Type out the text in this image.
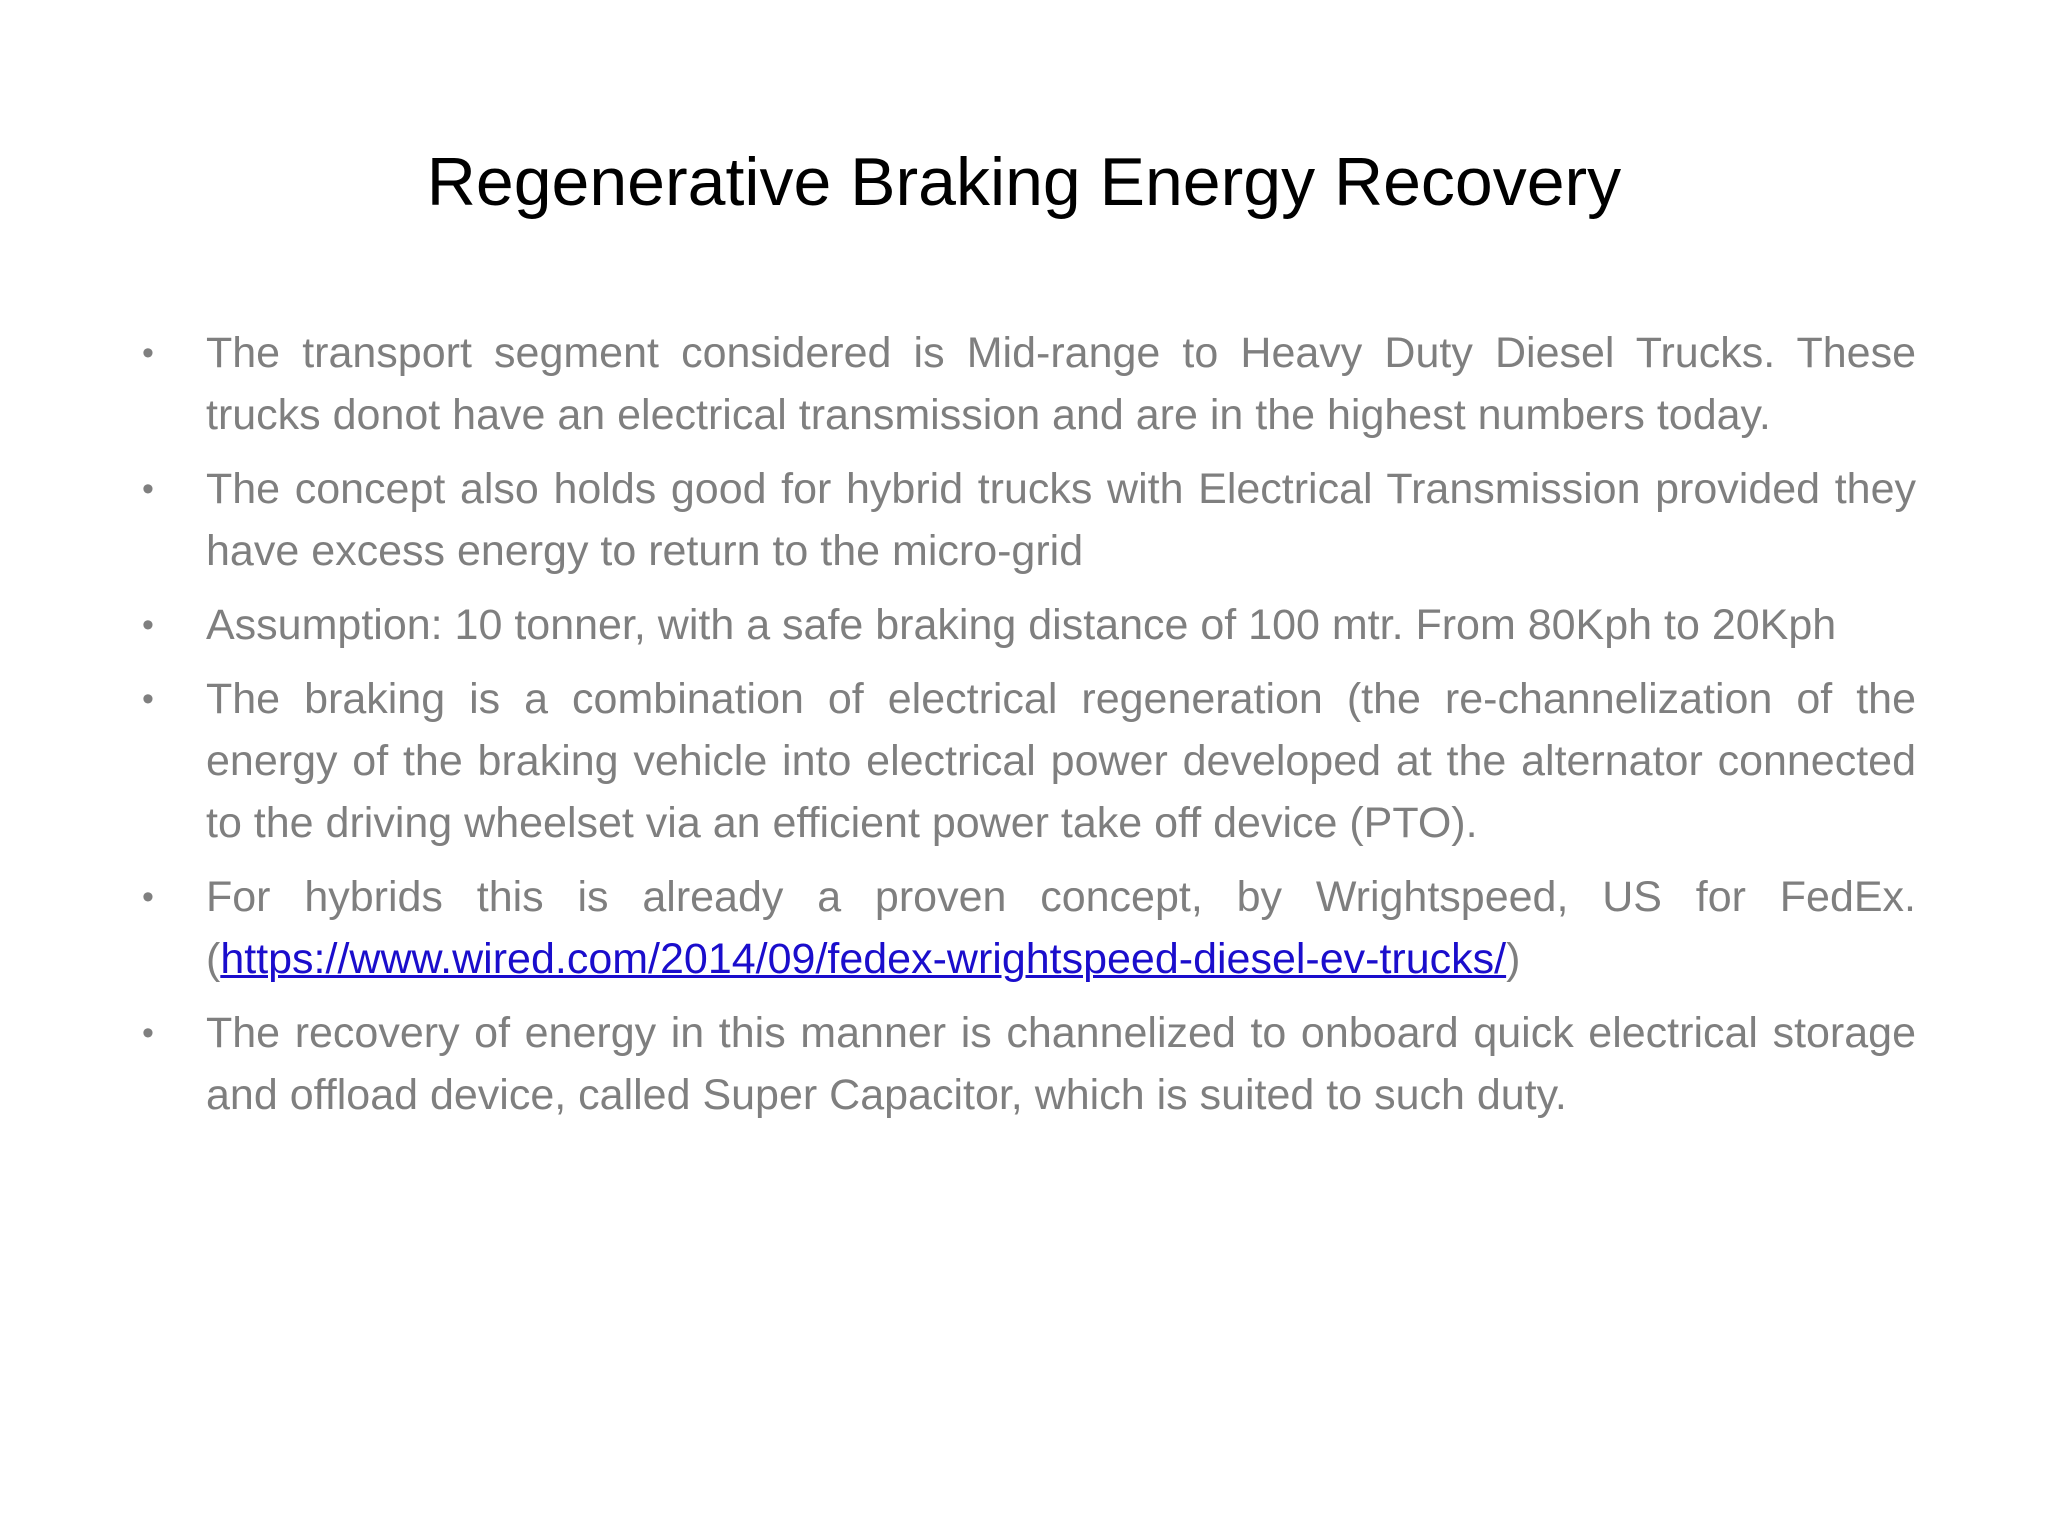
Regenerative Braking Energy Recovery
• The transport segment considered is Mid-range to Heavy Duty Diesel Trucks. These trucks donot have an electrical transmission and are in the highest numbers today.
• The concept also holds good for hybrid trucks with Electrical Transmission provided they have excess energy to return to the micro-grid
• Assumption: 10 tonner, with a safe braking distance of 100 mtr. From 80Kph to 20Kph
• The braking is a combination of electrical regeneration (the re-channelization of the energy of the braking vehicle into electrical power developed at the alternator connected to the driving wheelset via an efficient power take off device (PTO).
• For hybrids this is already a proven concept, by Wrightspeed, US for FedEx. (https://www.wired.com/2014/09/fedex-wrightspeed-diesel-ev-trucks/)
• The recovery of energy in this manner is channelized to onboard quick electrical storage and offload device, called Super Capacitor, which is suited to such duty.
